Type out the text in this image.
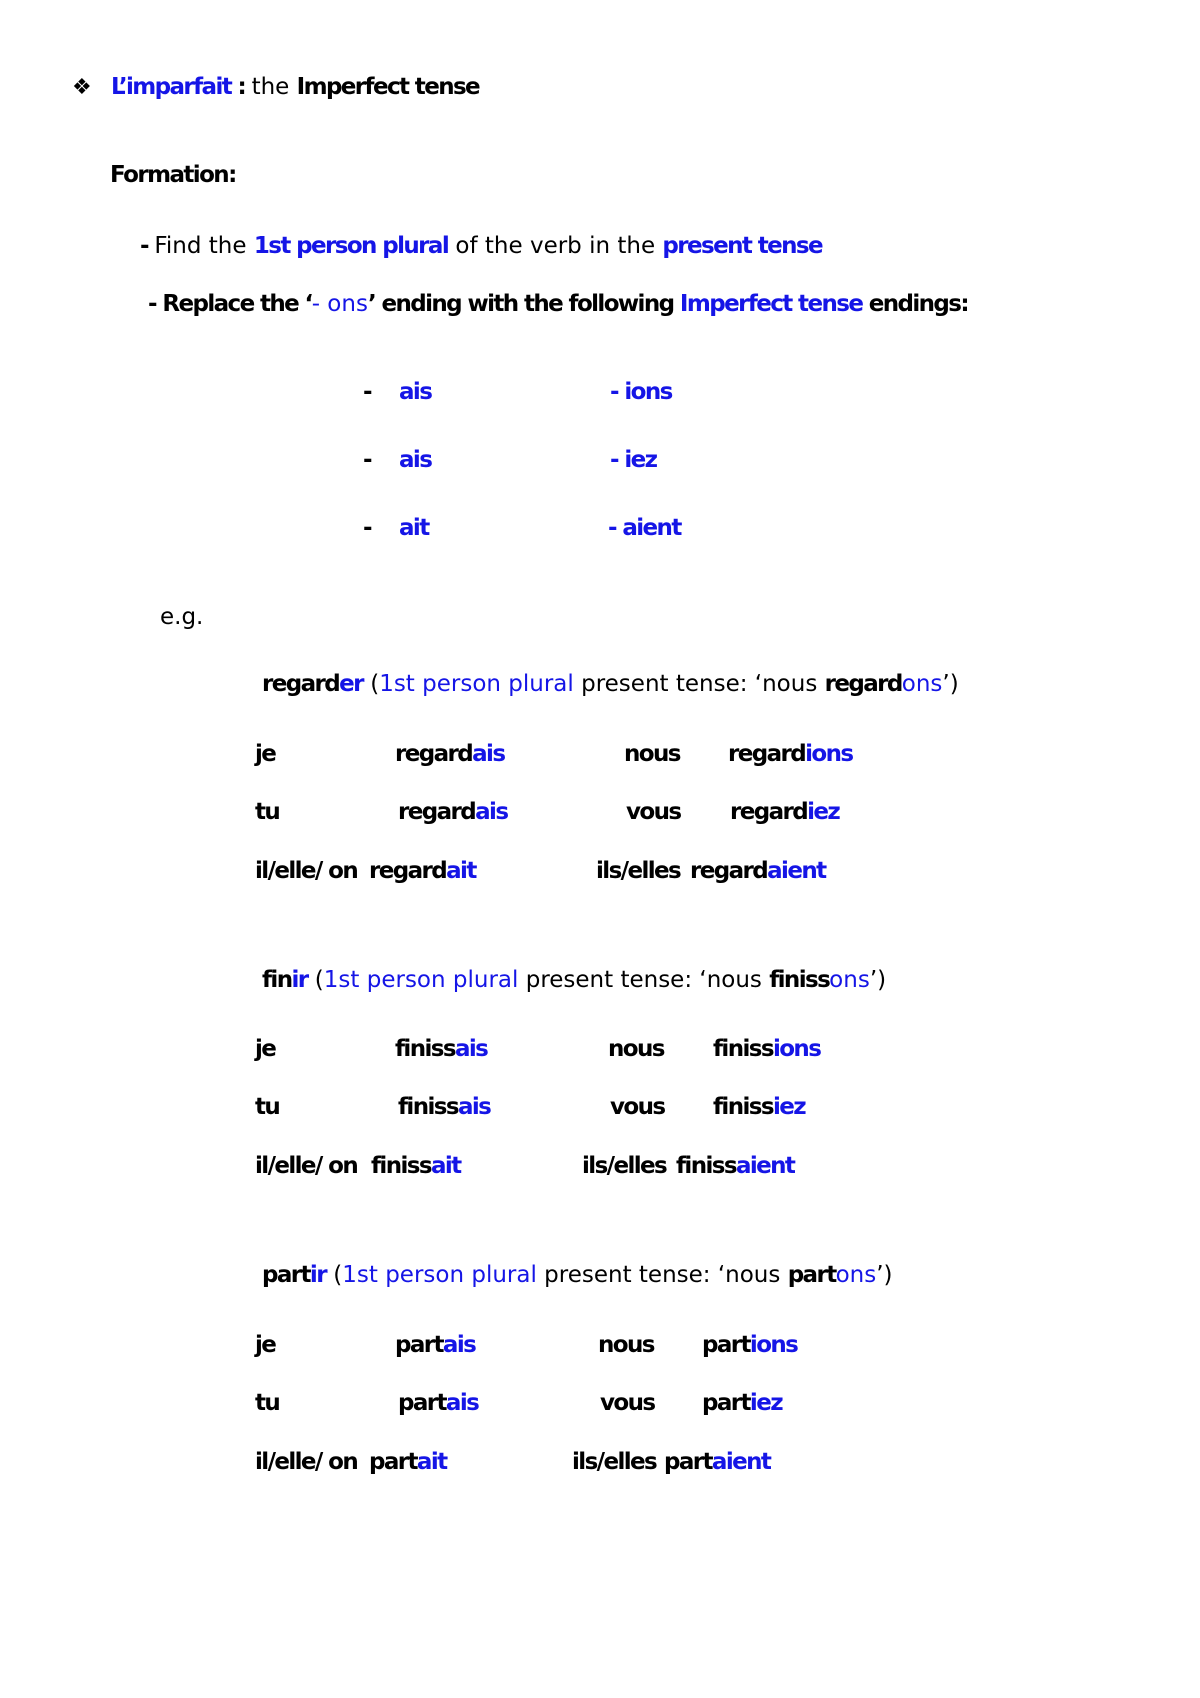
❖ L’imparfait : the Imperfect tense
Formation:
- Find the 1st person plural of the verb in the present tense
- Replace the ‘- ons’ ending with the following Imperfect tense endings:
- ais	- ions
- ais	- iez
- ait	- aient
e.g.
regarder (1st person plural present tense: ‘nous regardons’)
je	regardais	nous regardions
tu	regardais	vous regardiez
il/elle/ on regardait	ils/elles regardaient
finir (1st person plural present tense: ‘nous finissons’)
je	finissais	nous finissions
tu	finissais	vous finissiez
il/elle/ on finissait	ils/elles finissaient
partir (1st person plural present tense: ‘nous partons’)
je	partais	nous partions
tu	partais	vous partiez
il/elle/ on partait	ils/elles partaient
